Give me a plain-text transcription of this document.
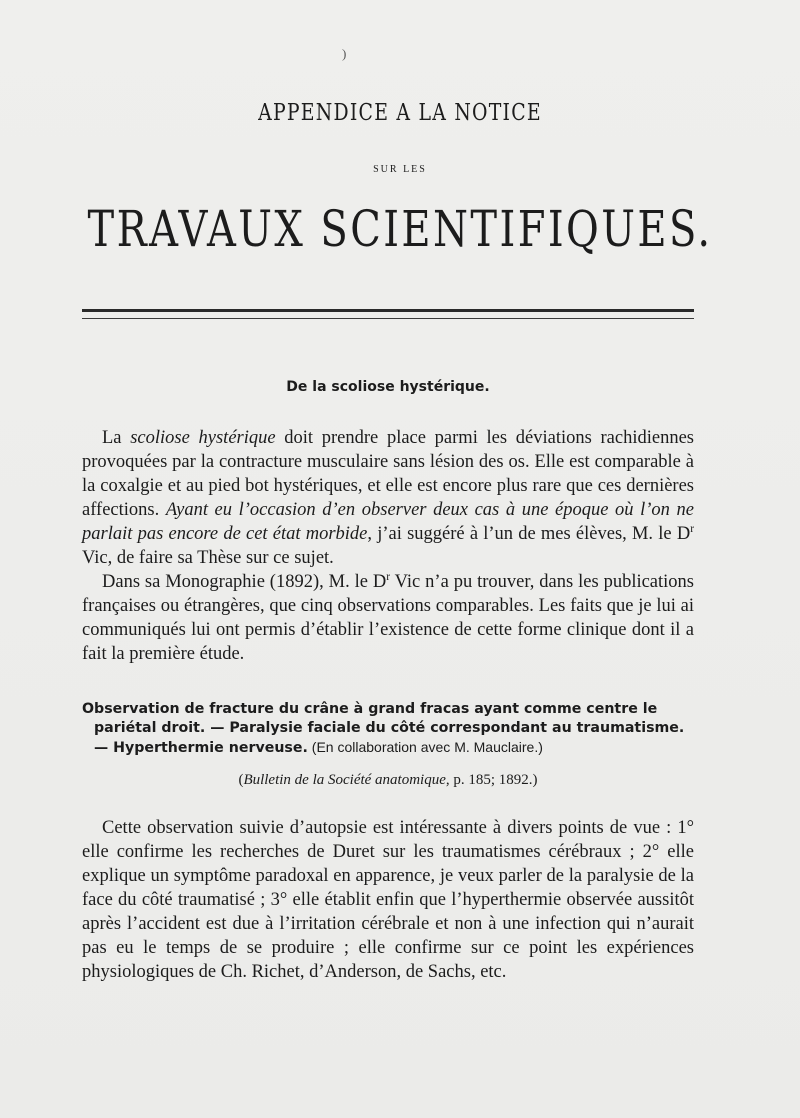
)
APPENDICE A LA NOTICE
SUR LES
TRAVAUX SCIENTIFIQUES.
De la scoliose hystérique.

La scoliose hystérique doit prendre place parmi les déviations rachidiennes provoquées par la contracture musculaire sans lésion des os. Elle est comparable à la coxalgie et au pied bot hystériques, et elle est encore plus rare que ces dernières affections. Ayant eu l’occasion d’en observer deux cas à une époque où l’on ne parlait pas encore de cet état morbide, j’ai suggéré à l’un de mes élèves, M. le D$^r$ Vic, de faire sa Thèse sur ce sujet.

Dans sa Monographie (1892), M. le D$^r$ Vic n’a pu trouver, dans les publications françaises ou étrangères, que cinq observations comparables. Les faits que je lui ai communiqués lui ont permis d’établir l’existence de cette forme clinique dont il a fait la première étude.

Observation de fracture du crâne à grand fracas ayant comme centre le
pariétal droit. — Paralysie faciale du côté correspondant au traumatisme.
— Hyperthermie nerveuse. (En collaboration avec M. Mauclaire.)

(Bulletin de la Société anatomique, p. 185; 1892.)

Cette observation suivie d’autopsie est intéressante à divers points de vue : 1° elle confirme les recherches de Duret sur les traumatismes cérébraux ; 2° elle explique un symptôme paradoxal en apparence, je veux parler de la paralysie de la face du côté traumatisé ; 3° elle établit enfin que l’hyperthermie observée aussitôt après l’accident est due à l’irritation cérébrale et non à une infection qui n’aurait pas eu le temps de se produire ; elle confirme sur ce point les expériences physiologiques de Ch. Richet, d’Anderson, de Sachs, etc.
